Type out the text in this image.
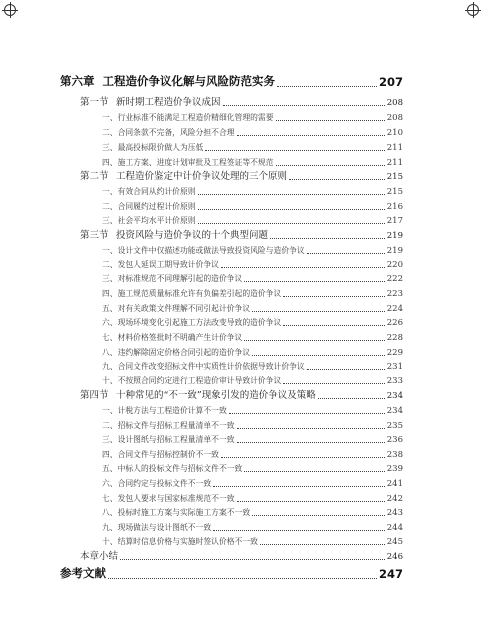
第六章 工程造价争议化解与风险防范实务	207
第一节 新时期工程造价争议成因	208
一、行业标准不能满足工程造价精细化管理的需要	208
二、合同条款不完备，风险分担不合理	210
三、最高投标限价做人为压低	211
四、施工方案、进度计划审批及工程签证等不规范	211
第二节 工程造价鉴定中计价争议处理的三个原则	215
一、有效合同从约计价原则	215
二、合同履约过程计价原则	216
三、社会平均水平计价原则	217
第三节 投资风险与造价争议的十个典型问题	219
一、设计文件中仅描述功能或做法导致投资风险与造价争议	219
二、发包人延误工期导致计价争议	220
三、对标准规范不同理解引起的造价争议	222
四、施工规范质量标准允许有负偏差引起的造价争议	223
五、对有关政策文件理解不同引起计价争议	224
六、现场环境变化引起施工方法改变导致的造价争议	226
七、材料价格签批时不明确产生计价争议	228
八、违约解除固定价格合同引起的造价争议	229
九、合同文件改变招标文件中实质性计价依据导致计价争议	231
十、不按照合同约定进行工程造价审计导致计价争议	233
第四节 十种常见的“不一致”现象引发的造价争议及策略	234
一、计税方法与工程造价计算不一致	234
二、招标文件与招标工程量清单不一致	235
三、设计图纸与招标工程量清单不一致	236
四、合同文件与招标控制价不一致	238
五、中标人的投标文件与招标文件不一致	239
六、合同约定与投标文件不一致	241
七、发包人要求与国家标准规范不一致	242
八、投标时施工方案与实际施工方案不一致	243
九、现场做法与设计图纸不一致	244
十、结算时信息价格与实施时签认价格不一致	245
本章小结	246
参考文献	247
